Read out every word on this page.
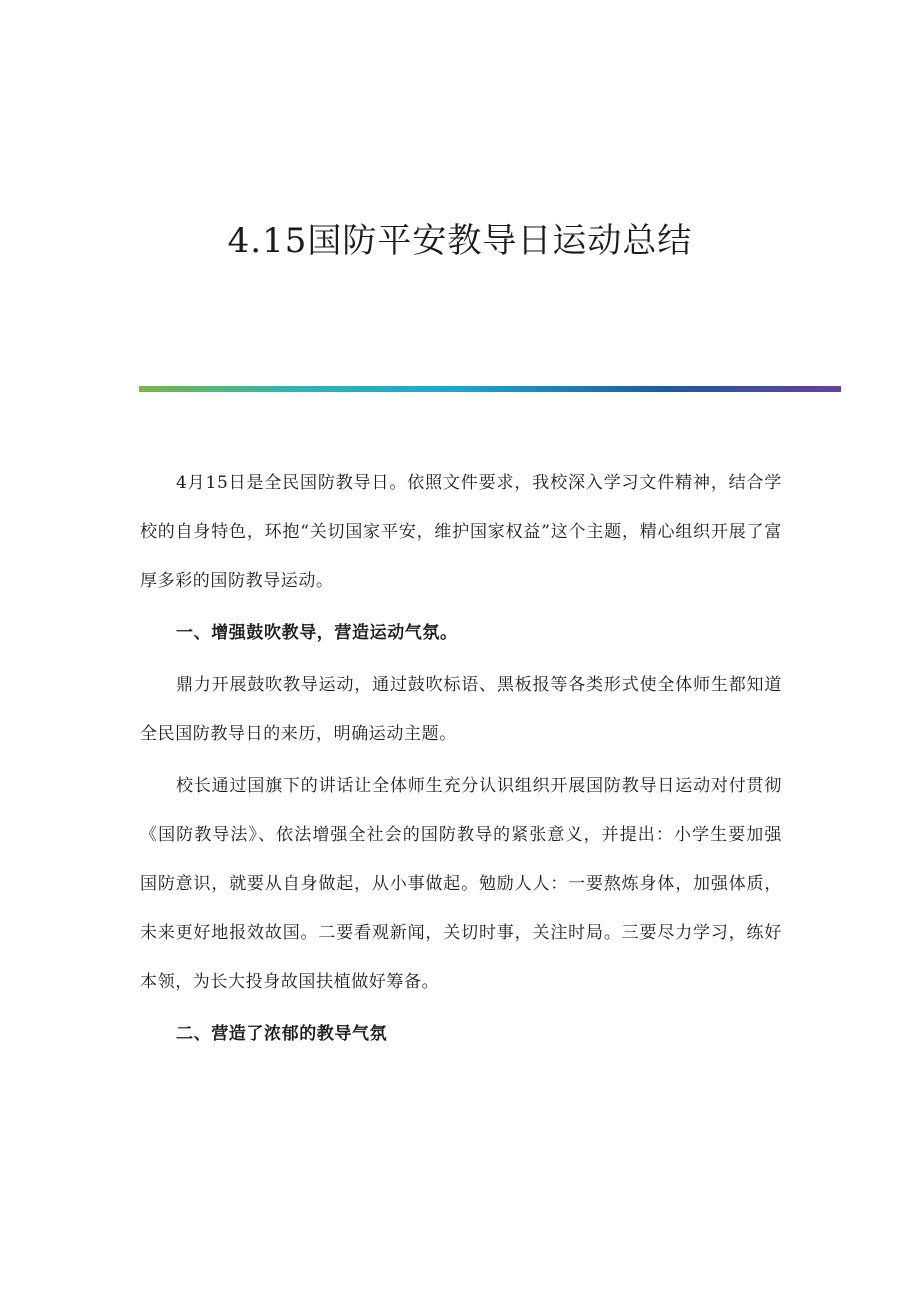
4.15国防平安教导日运动总结

4月15日是全民国防教导日。依照文件要求，我校深入学习文件精神，结合学校的自身特色，环抱“关切国家平安，维护国家权益”这个主题，精心组织开展了富厚多彩的国防教导运动。

一、增强鼓吹教导，营造运动气氛。

鼎力开展鼓吹教导运动，通过鼓吹标语、黑板报等各类形式使全体师生都知道全民国防教导日的来历，明确运动主题。

校长通过国旗下的讲话让全体师生充分认识组织开展国防教导日运动对付贯彻《国防教导法》、依法增强全社会的国防教导的紧张意义，并提出：小学生要加强国防意识，就要从自身做起，从小事做起。勉励人人：一要熬炼身体，加强体质，未来更好地报效故国。二要看观新闻，关切时事，关注时局。三要尽力学习，练好本领，为长大投身故国扶植做好筹备。

二、营造了浓郁的教导气氛
